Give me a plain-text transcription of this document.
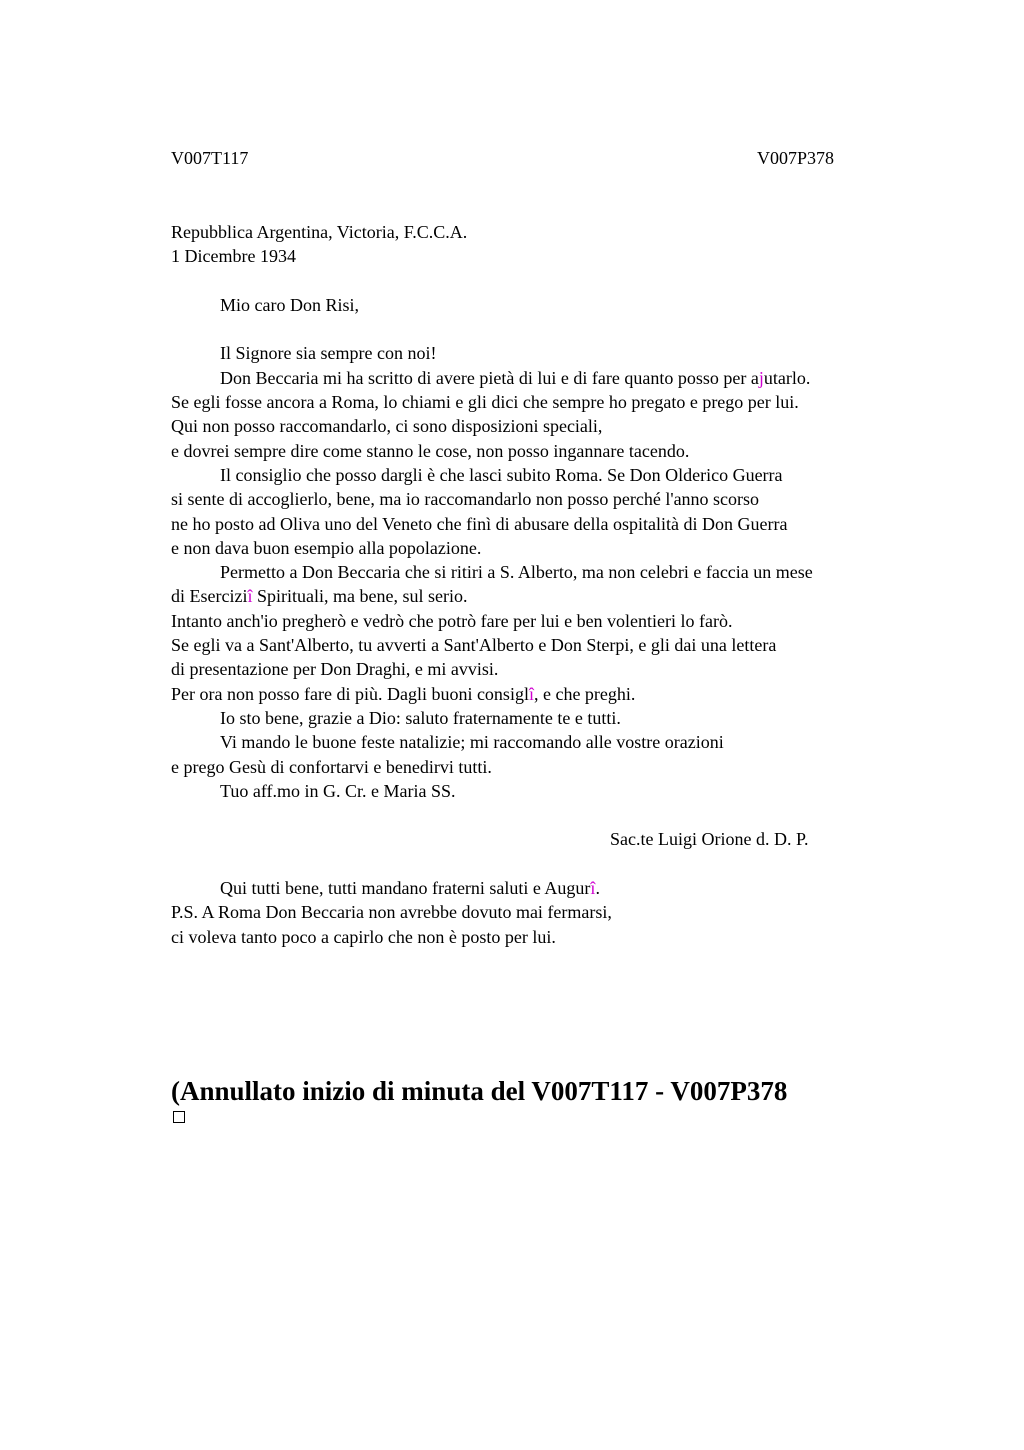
V007T117	V007P378
Repubblica Argentina, Victoria, F.C.C.A.
1 Dicembre 1934
Mio caro Don Risi,
Il Signore sia sempre con noi!
Don Beccaria mi ha scritto di avere pietà di lui e di fare quanto posso per ajutarlo.
Se egli fosse ancora a Roma, lo chiami e gli dici che sempre ho pregato e prego per lui.
Qui non posso raccomandarlo, ci sono disposizioni speciali,
e dovrei sempre dire come stanno le cose, non posso ingannare tacendo.
Il consiglio che posso dargli è che lasci subito Roma. Se Don Olderico Guerra
si sente di accoglierlo, bene, ma io raccomandarlo non posso perché l'anno scorso
ne ho posto ad Oliva uno del Veneto che finì di abusare della ospitalità di Don Guerra
e non dava buon esempio alla popolazione.
Permetto a Don Beccaria che si ritiri a S. Alberto, ma non celebri e faccia un mese
di Eserciziî Spirituali, ma bene, sul serio.
Intanto anch'io pregherò e vedrò che potrò fare per lui e ben volentieri lo farò.
Se egli va a Sant'Alberto, tu avverti a Sant'Alberto e Don Sterpi, e gli dai una lettera
di presentazione per Don Draghi, e mi avvisi.
Per ora non posso fare di più. Dagli buoni consiglî, e che preghi.
Io sto bene, grazie a Dio: saluto fraternamente te e tutti.
Vi mando le buone feste natalizie; mi raccomando alle vostre orazioni
e prego Gesù di confortarvi e benedirvi tutti.
Tuo aff.mo in G. Cr. e Maria SS.
Sac.te Luigi Orione d. D. P.
Qui tutti bene, tutti mandano fraterni saluti e Augurî.
P.S. A Roma Don Beccaria non avrebbe dovuto mai fermarsi,
ci voleva tanto poco a capirlo che non è posto per lui.
(Annullato inizio di minuta del V007T117 - V007P378
